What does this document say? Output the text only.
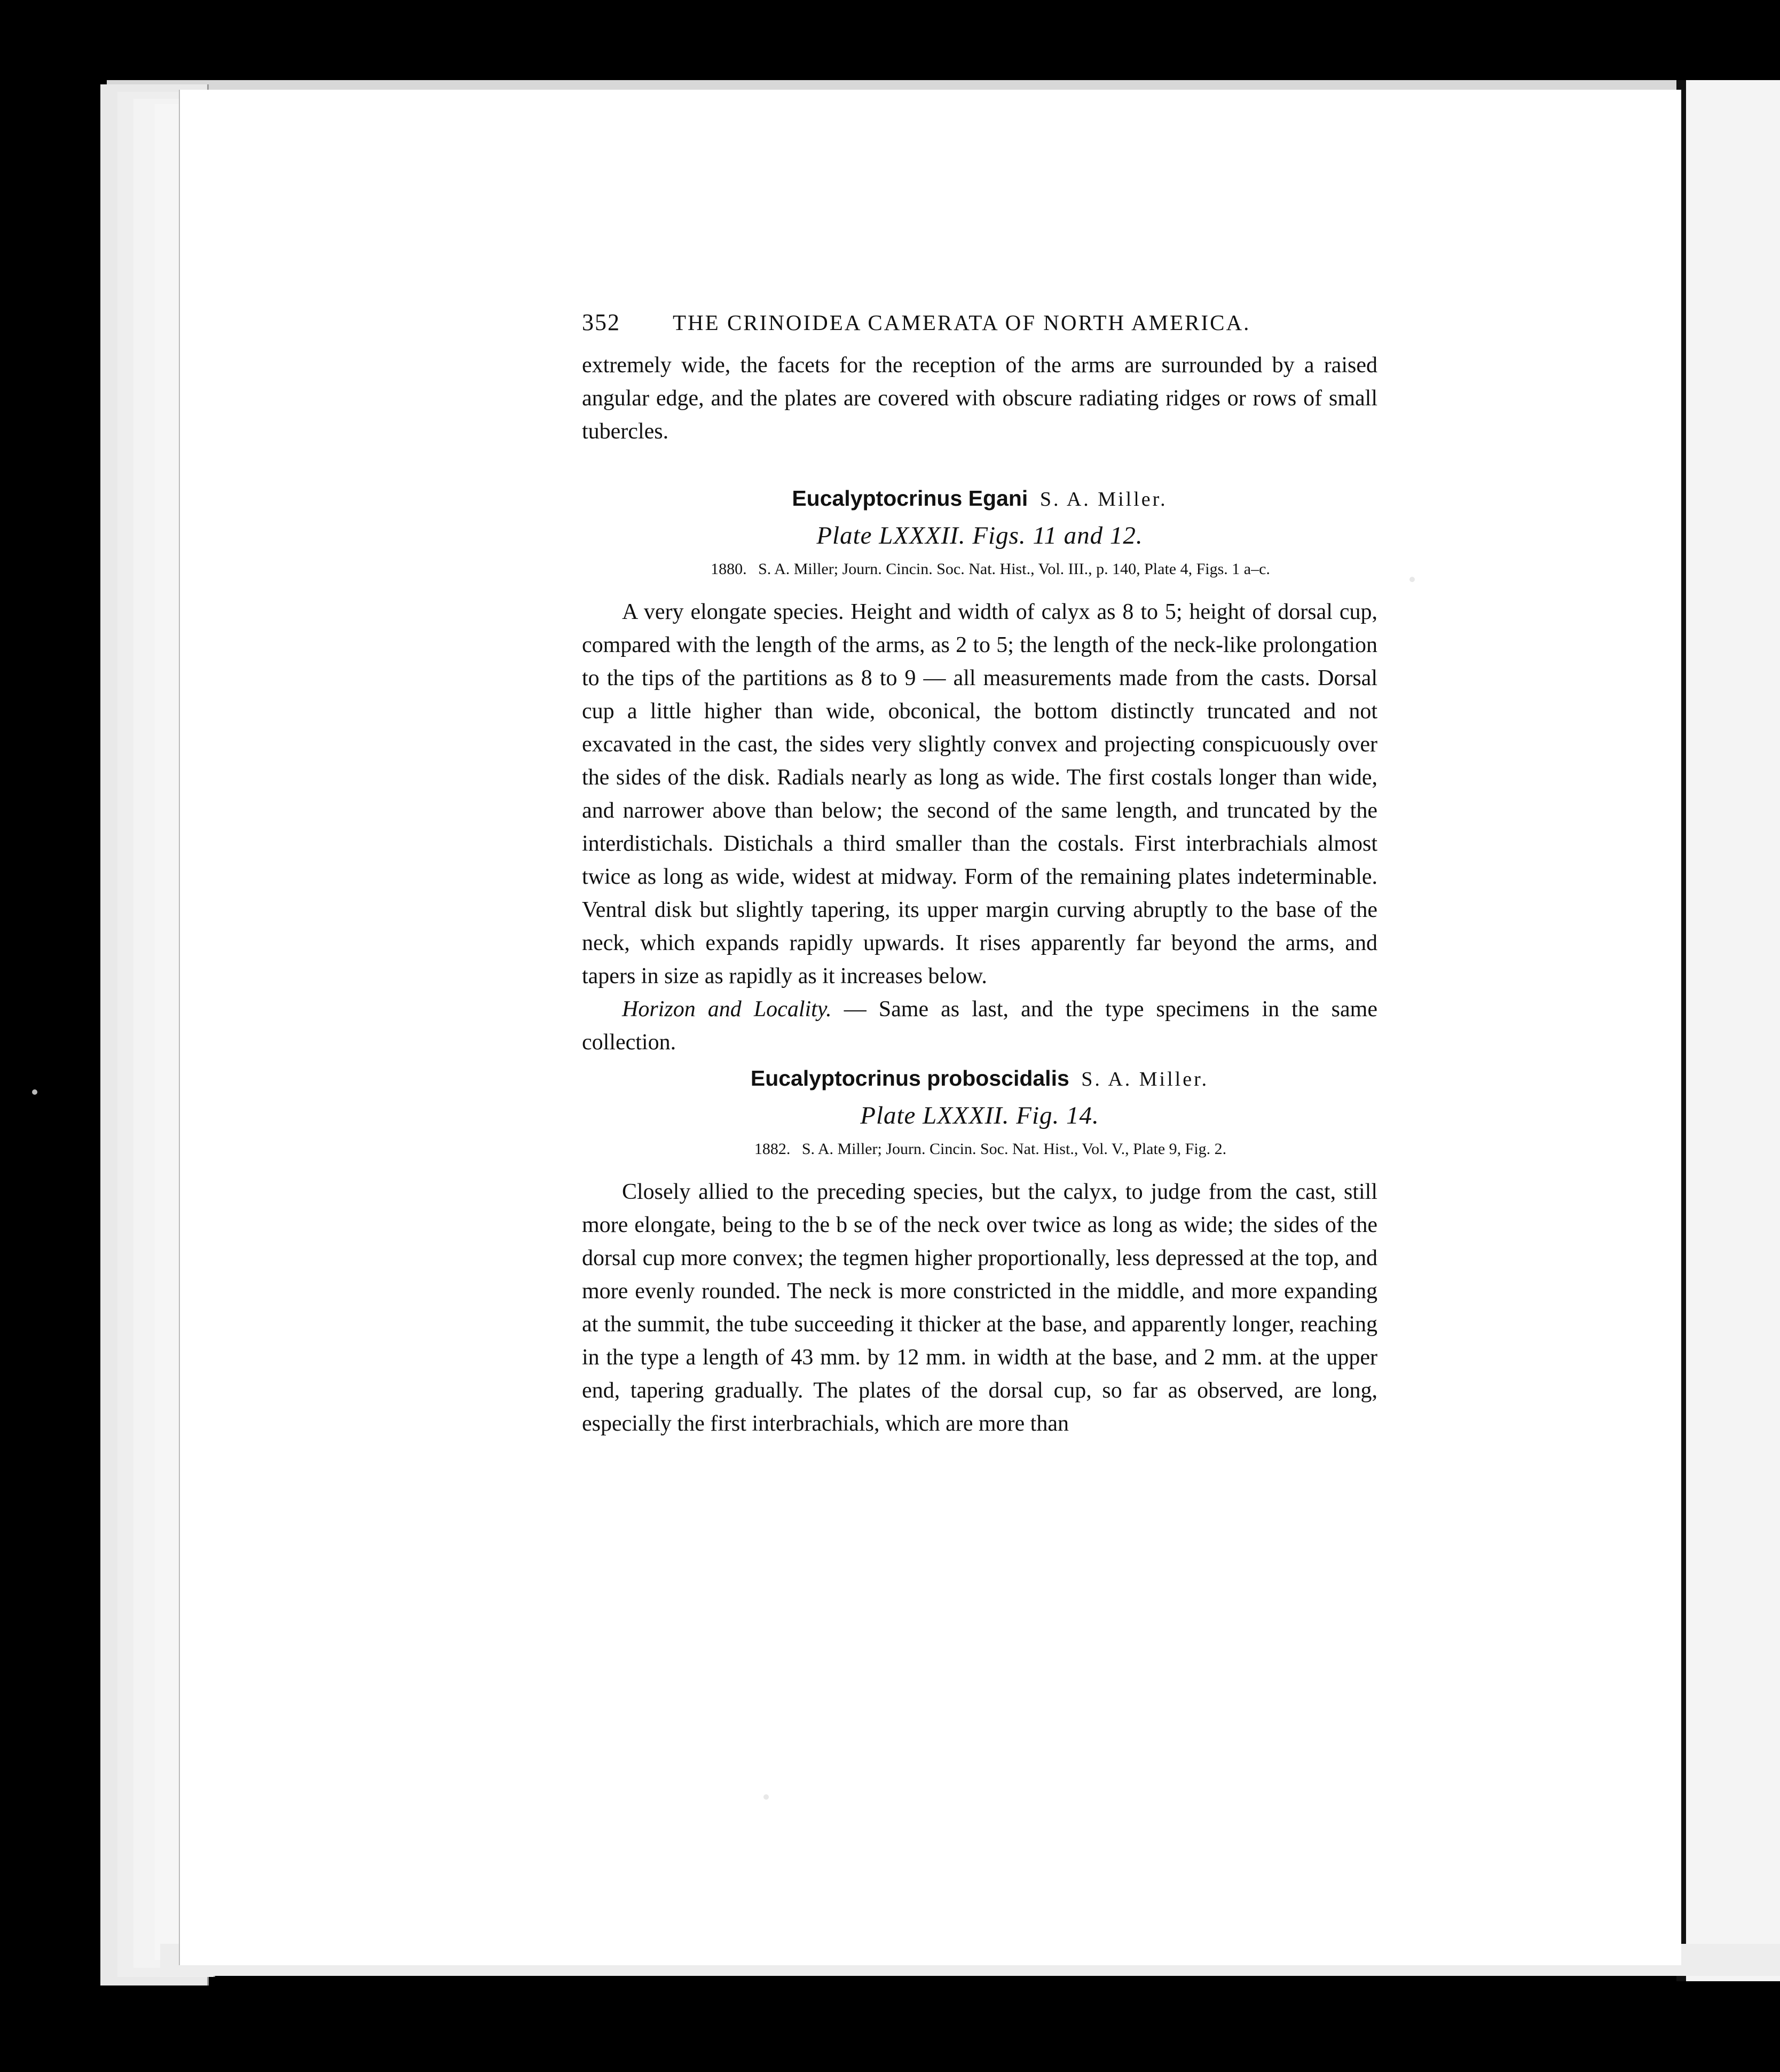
352	THE CRINOIDEA CAMERATA OF NORTH AMERICA.

extremely wide, the facets for the reception of the arms are surrounded by a raised angular edge, and the plates are covered with obscure radiating ridges or rows of small tubercles.

Eucalyptocrinus Egani S. A. Miller.
Plate LXXXII. Figs. 11 and 12.
1880. S. A. Miller; Journ. Cincin. Soc. Nat. Hist., Vol. III., p. 140, Plate 4, Figs. 1 a–c.

A very elongate species. Height and width of calyx as 8 to 5; height of dorsal cup, compared with the length of the arms, as 2 to 5; the length of the neck-like prolongation to the tips of the partitions as 8 to 9 — all measurements made from the casts. Dorsal cup a little higher than wide, obconical, the bottom distinctly truncated and not excavated in the cast, the sides very slightly convex and projecting conspicuously over the sides of the disk. Radials nearly as long as wide. The first costals longer than wide, and narrower above than below; the second of the same length, and truncated by the interdistichals. Distichals a third smaller than the costals. First interbrachials almost twice as long as wide, widest at midway. Form of the remaining plates indeterminable. Ventral disk but slightly tapering, its upper margin curving abruptly to the base of the neck, which expands rapidly upwards. It rises apparently far beyond the arms, and tapers in size as rapidly as it increases below.

Horizon and Locality. — Same as last, and the type specimens in the same collection.

Eucalyptocrinus proboscidalis S. A. Miller.
Plate LXXXII. Fig. 14.
1882. S. A. Miller; Journ. Cincin. Soc. Nat. Hist., Vol. V., Plate 9, Fig. 2.

Closely allied to the preceding species, but the calyx, to judge from the cast, still more elongate, being to the b se of the neck over twice as long as wide; the sides of the dorsal cup more convex; the tegmen higher proportionally, less depressed at the top, and more evenly rounded. The neck is more constricted in the middle, and more expanding at the summit, the tube succeeding it thicker at the base, and apparently longer, reaching in the type a length of 43 mm. by 12 mm. in width at the base, and 2 mm. at the upper end, tapering gradually. The plates of the dorsal cup, so far as observed, are long, especially the first interbrachials, which are more than
